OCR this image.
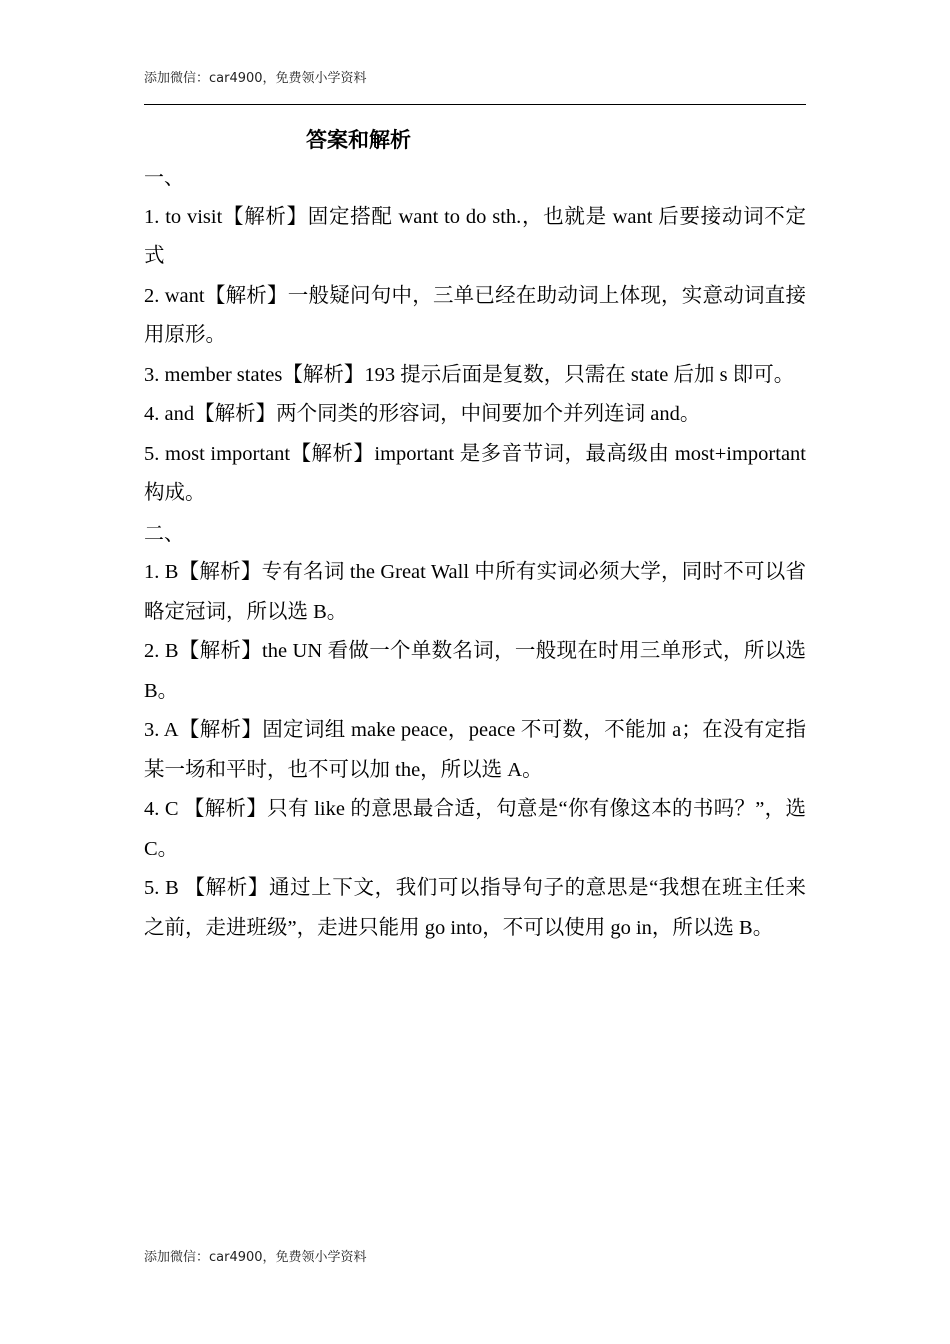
添加微信：car4900，免费领小学资料
答案和解析

一、

1. to visit【解析】固定搭配 want to do sth.，也就是 want 后要接动词不定式

2. want【解析】一般疑问句中，三单已经在助动词上体现，实意动词直接用原形。

3. member states【解析】193 提示后面是复数，只需在 state 后加 s 即可。

4. and【解析】两个同类的形容词，中间要加个并列连词 and。

5. most important【解析】important 是多音节词，最高级由 most+important 构成。

二、

1. B【解析】专有名词 the Great Wall 中所有实词必须大学，同时不可以省略定冠词，所以选 B。

2. B【解析】the UN 看做一个单数名词，一般现在时用三单形式，所以选 B。

3. A【解析】固定词组 make peace，peace 不可数，不能加 a；在没有定指某一场和平时，也不可以加 the，所以选 A。

4. C 【解析】只有 like 的意思最合适，句意是“你有像这本的书吗？”，选 C。

5. B 【解析】通过上下文，我们可以指导句子的意思是“我想在班主任来之前，走进班级”，走进只能用 go into，不可以使用 go in，所以选 B。

添加微信：car4900，免费领小学资料
